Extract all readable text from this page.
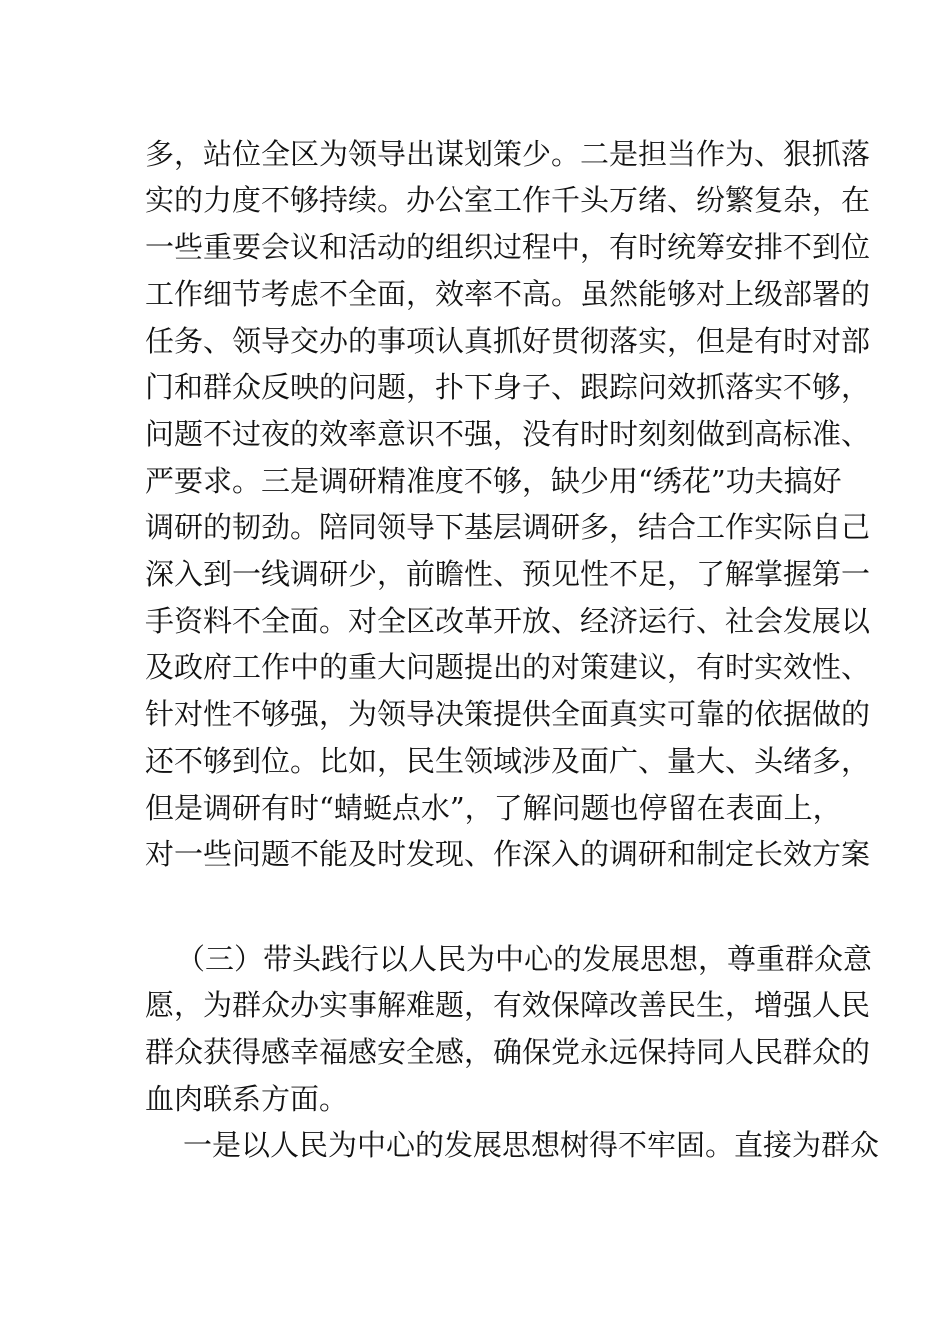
多，站位全区为领导出谋划策少。二是担当作为、狠抓落
实的力度不够持续。办公室工作千头万绪、纷繁复杂，在
一些重要会议和活动的组织过程中，有时统筹安排不到位
工作细节考虑不全面，效率不高。虽然能够对上级部署的
任务、领导交办的事项认真抓好贯彻落实，但是有时对部
门和群众反映的问题，扑下身子、跟踪问效抓落实不够，
问题不过夜的效率意识不强，没有时时刻刻做到高标准、
严要求。三是调研精准度不够，缺少用“绣花”功夫搞好
调研的韧劲。陪同领导下基层调研多，结合工作实际自己
深入到一线调研少，前瞻性、预见性不足，了解掌握第一
手资料不全面。对全区改革开放、经济运行、社会发展以
及政府工作中的重大问题提出的对策建议，有时实效性、
针对性不够强，为领导决策提供全面真实可靠的依据做的
还不够到位。比如，民生领域涉及面广、量大、头绪多，
但是调研有时“蜻蜓点水”，了解问题也停留在表面上，
对一些问题不能及时发现、作深入的调研和制定长效方案
（三）带头践行以人民为中心的发展思想，尊重群众意
愿，为群众办实事解难题，有效保障改善民生，增强人民
群众获得感幸福感安全感，确保党永远保持同人民群众的
血肉联系方面。
一是以人民为中心的发展思想树得不牢固。直接为群众
